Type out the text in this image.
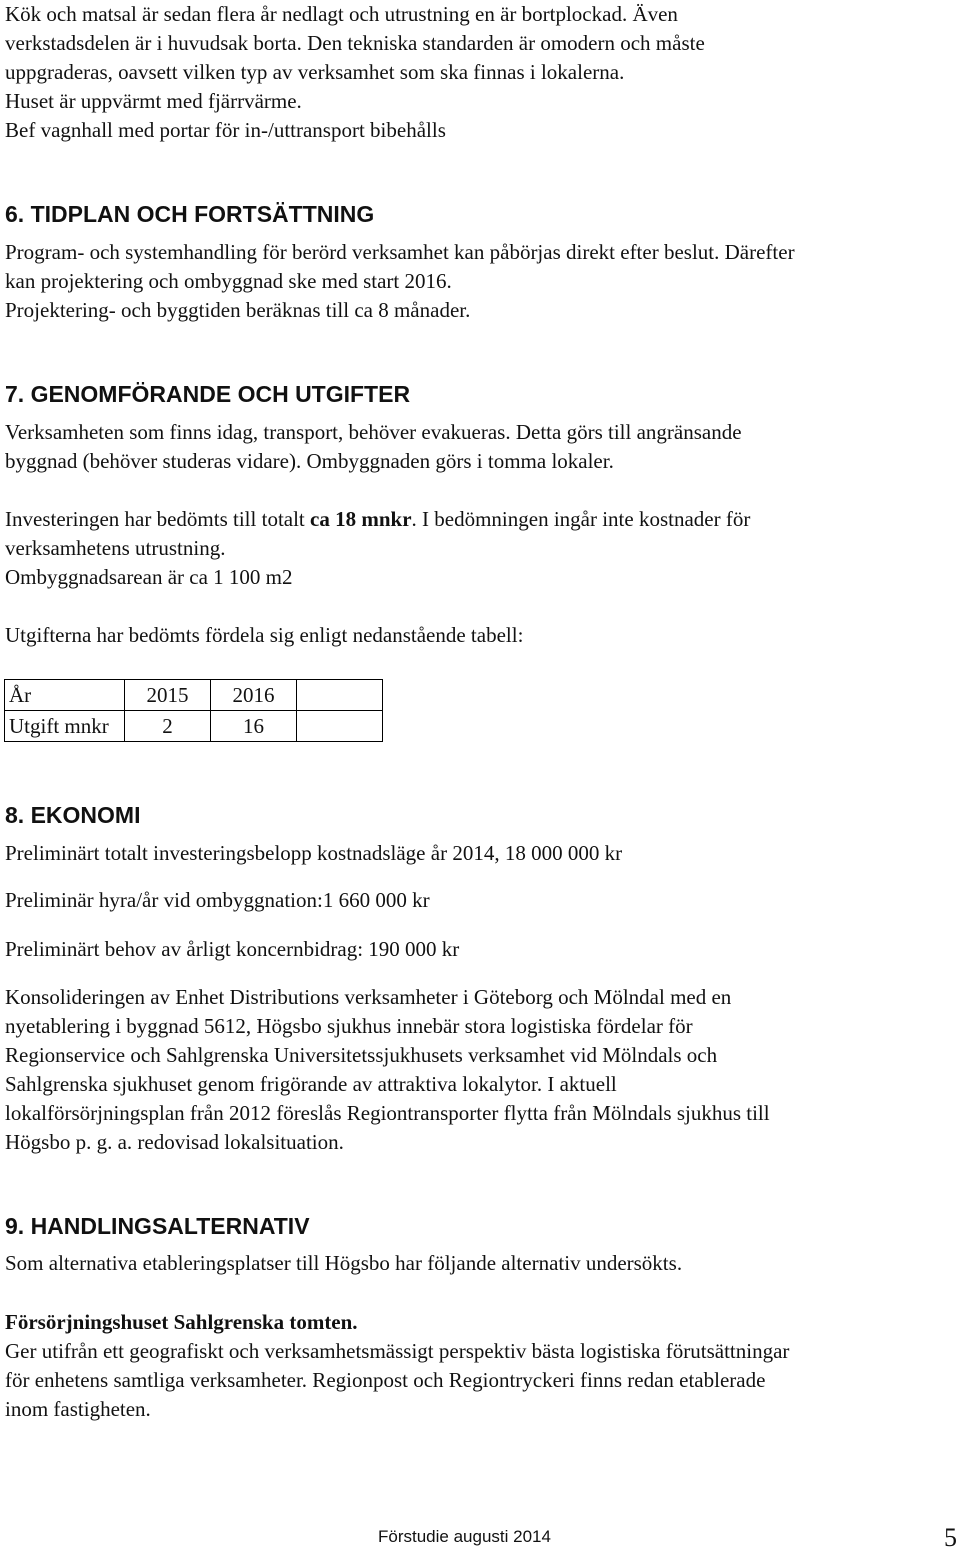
Kök och matsal är sedan flera år nedlagt och utrustning en är bortplockad. Även
verkstadsdelen är i huvudsak borta. Den tekniska standarden är omodern och måste
uppgraderas, oavsett vilken typ av verksamhet som ska finnas i lokalerna.
Huset är uppvärmt med fjärrvärme.
Bef vagnhall med portar för in-/uttransport bibehålls
6. TIDPLAN OCH FORTSÄTTNING
Program- och systemhandling för berörd verksamhet kan påbörjas direkt efter beslut. Därefter
kan projektering och ombyggnad ske med start 2016.
Projektering- och byggtiden beräknas till ca 8 månader.
7. GENOMFÖRANDE OCH UTGIFTER
Verksamheten som finns idag, transport, behöver evakueras. Detta görs till angränsande
byggnad (behöver studeras vidare). Ombyggnaden görs i tomma lokaler.
Investeringen har bedömts till totalt ca 18 mnkr. I bedömningen ingår inte kostnader för
verksamhetens utrustning.
Ombyggnadsarean är ca 1 100 m2
Utgifterna har bedömts fördela sig enligt nedanstående tabell:
År	2015	2016	
Utgift mnkr	2	16	
8. EKONOMI
Preliminärt totalt investeringsbelopp kostnadsläge år 2014, 18 000 000 kr
Preliminär hyra/år vid ombyggnation:1 660 000 kr
Preliminärt behov av årligt koncernbidrag: 190 000 kr
Konsolideringen av Enhet Distributions verksamheter i Göteborg och Mölndal med en
nyetablering i byggnad 5612, Högsbo sjukhus innebär stora logistiska fördelar för
Regionservice och Sahlgrenska Universitetssjukhusets verksamhet vid Mölndals och
Sahlgrenska sjukhuset genom frigörande av attraktiva lokalytor. I aktuell
lokalförsörjningsplan från 2012 föreslås Regiontransporter flytta från Mölndals sjukhus till
Högsbo p. g. a. redovisad lokalsituation.
9. HANDLINGSALTERNATIV
Som alternativa etableringsplatser till Högsbo har följande alternativ undersökts.
Försörjningshuset Sahlgrenska tomten.
Ger utifrån ett geografiskt och verksamhetsmässigt perspektiv bästa logistiska förutsättningar
för enhetens samtliga verksamheter. Regionpost och Regiontryckeri finns redan etablerade
inom fastigheten.
Förstudie augusti 2014	5
